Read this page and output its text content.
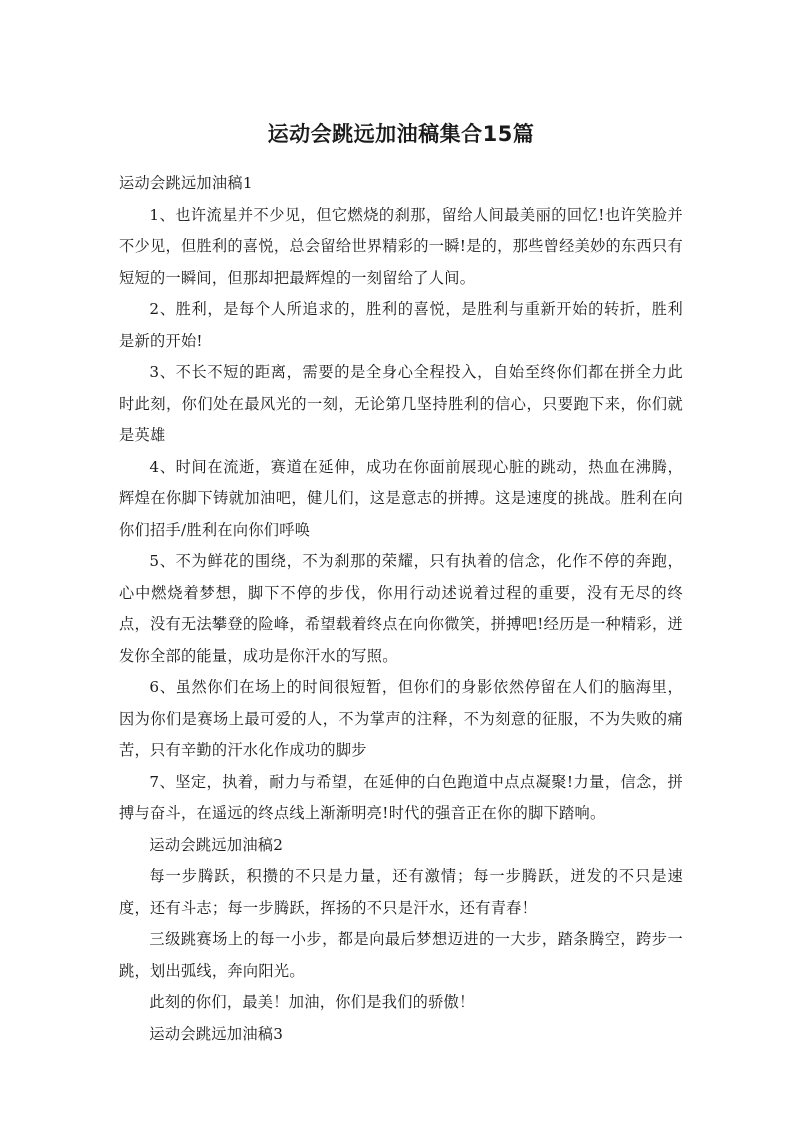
运动会跳远加油稿集合15篇

运动会跳远加油稿1

1、也许流星并不少见，但它燃烧的刹那，留给人间最美丽的回忆!也许笑脸并不少见，但胜利的喜悦，总会留给世界精彩的一瞬!是的，那些曾经美妙的东西只有短短的一瞬间，但那却把最辉煌的一刻留给了人间。

2、胜利，是每个人所追求的，胜利的喜悦，是胜利与重新开始的转折，胜利是新的开始!

3、不长不短的距离，需要的是全身心全程投入，自始至终你们都在拼全力此时此刻，你们处在最风光的一刻，无论第几坚持胜利的信心，只要跑下来，你们就是英雄

4、时间在流逝，赛道在延伸，成功在你面前展现心脏的跳动，热血在沸腾，辉煌在你脚下铸就加油吧，健儿们，这是意志的拼搏。这是速度的挑战。胜利在向你们招手/胜利在向你们呼唤

5、不为鲜花的围绕，不为刹那的荣耀，只有执着的信念，化作不停的奔跑，心中燃烧着梦想，脚下不停的步伐，你用行动述说着过程的重要，没有无尽的终点，没有无法攀登的险峰，希望载着终点在向你微笑，拼搏吧!经历是一种精彩，迸发你全部的能量，成功是你汗水的写照。

6、虽然你们在场上的时间很短暂，但你们的身影依然停留在人们的脑海里，因为你们是赛场上最可爱的人，不为掌声的注释，不为刻意的征服，不为失败的痛苦，只有辛勤的汗水化作成功的脚步

7、坚定，执着，耐力与希望，在延伸的白色跑道中点点凝聚!力量，信念，拼搏与奋斗，在遥远的终点线上渐渐明亮!时代的强音正在你的脚下踏响。

运动会跳远加油稿2

每一步腾跃，积攒的不只是力量，还有激情；每一步腾跃，迸发的不只是速度，还有斗志；每一步腾跃，挥扬的不只是汗水，还有青春！

三级跳赛场上的每一小步，都是向最后梦想迈进的一大步，踏条腾空，跨步一跳，划出弧线，奔向阳光。

此刻的你们，最美！加油，你们是我们的骄傲！

运动会跳远加油稿3
